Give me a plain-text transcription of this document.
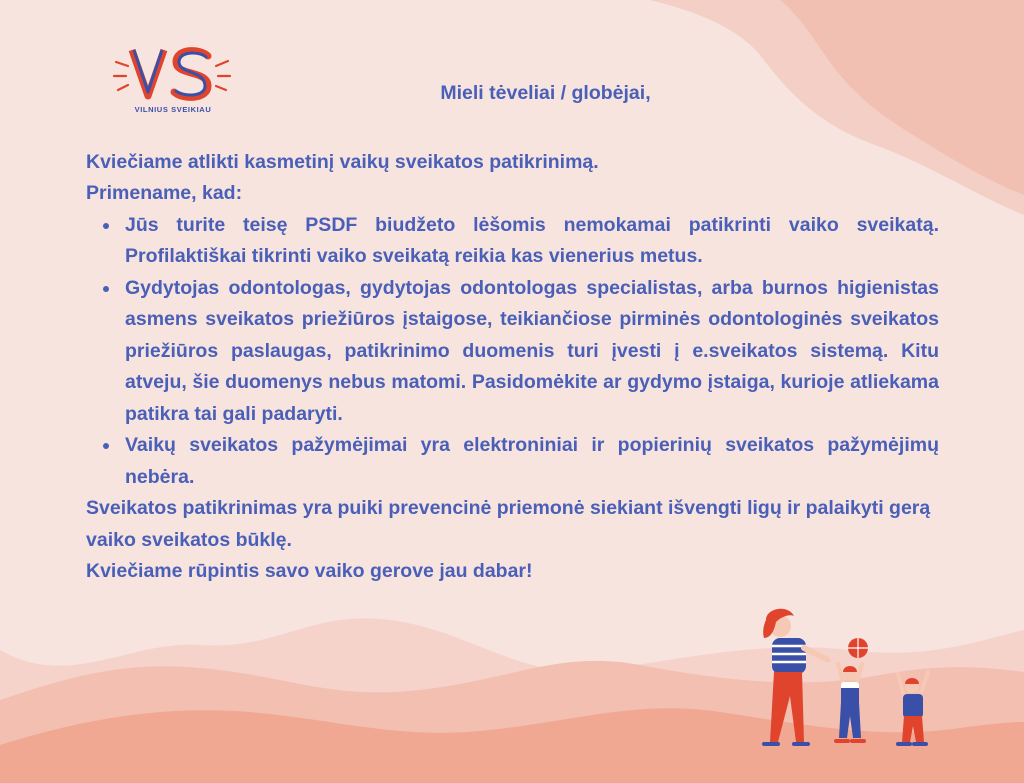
VILNIUS SVEIKIAU
Mieli tėveliai / globėjai,

Kviečiame atlikti kasmetinį vaikų sveikatos patikrinimą.

Primename, kad:

Jūs turite teisę PSDF biudžeto lėšomis nemokamai patikrinti vaiko sveikatą. Profilaktiškai tikrinti vaiko sveikatą reikia kas vienerius metus.
Gydytojas odontologas, gydytojas odontologas specialistas, arba burnos higienistas asmens sveikatos priežiūros įstaigose, teikiančiose pirminės odontologinės sveikatos priežiūros paslaugas, patikrinimo duomenis turi įvesti į e.sveikatos sistemą. Kitu atveju, šie duomenys nebus matomi. Pasidomėkite ar gydymo įstaiga, kurioje atliekama patikra tai gali padaryti.
Vaikų sveikatos pažymėjimai yra elektroniniai ir popierinių sveikatos pažymėjimų nebėra.

Sveikatos patikrinimas yra puiki prevencinė priemonė siekiant išvengti ligų ir palaikyti gerą vaiko sveikatos būklę.

Kviečiame rūpintis savo vaiko gerove jau dabar!
